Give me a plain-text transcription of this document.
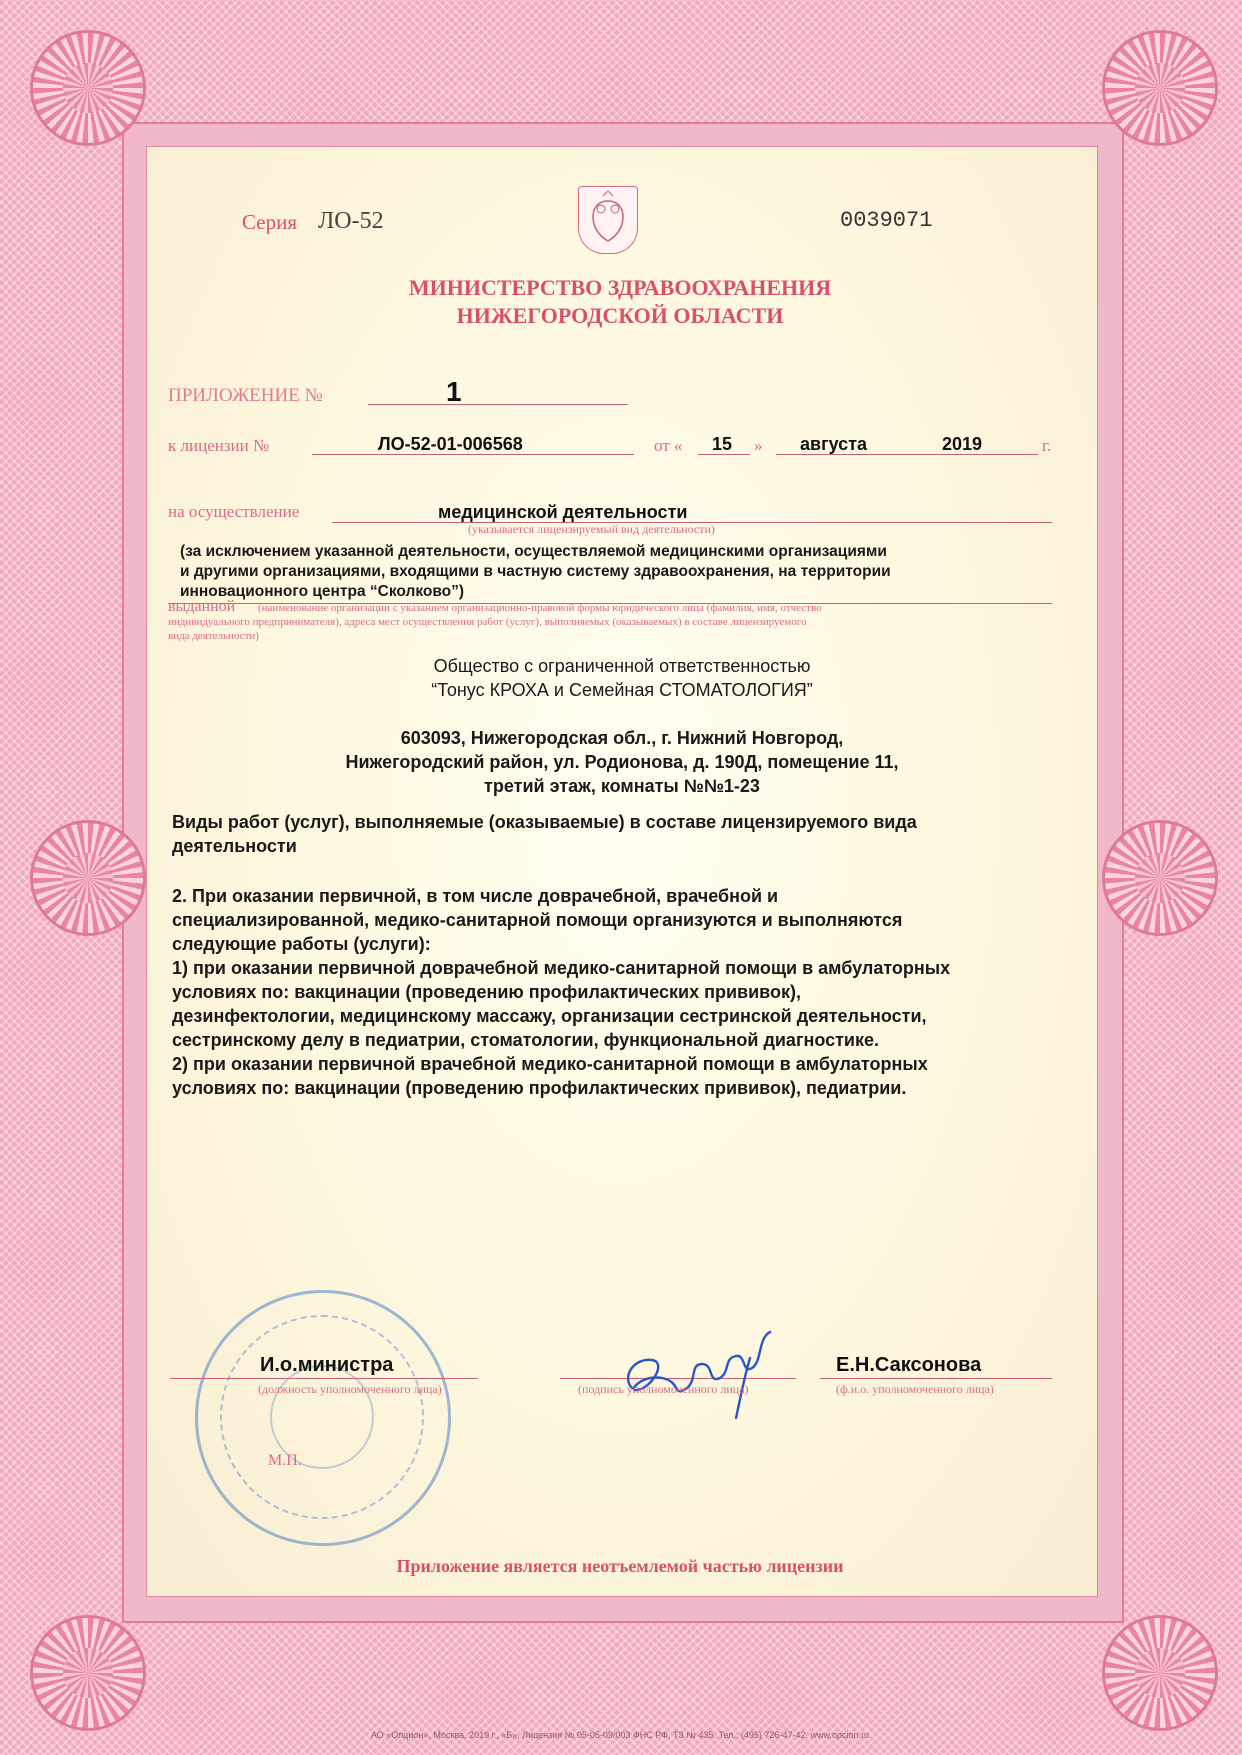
Серия ЛО-52	0039071
МИНИСТЕРСТВО ЗДРАВООХРАНЕНИЯ
НИЖЕГОРОДСКОЙ ОБЛАСТИ
ПРИЛОЖЕНИЕ №	1
к лицензии №	ЛО-52-01-006568	от « 15 » августа	2019	г.
на осуществление	медицинской деятельности
(указывается лицензируемый вид деятельности)
(за исключением указанной деятельности, осуществляемой медицинскими организациями
и другими организациями, входящими в частную систему здравоохранения, на территории
инновационного центра “Сколково”)
выданной (наименование организации с указанием организационно-правовой формы юридического лица (фамилия, имя, отчество
индивидуального предпринимателя), адреса мест осуществления работ (услуг), выполняемых (оказываемых) в составе лицензируемого
вида деятельности)
Общество с ограниченной ответственностью
“Тонус КРОХА и Семейная СТОМАТОЛОГИЯ”
603093, Нижегородская обл., г. Нижний Новгород,
Нижегородский район, ул. Родионова, д. 190Д, помещение 11,
третий этаж, комнаты №№1-23
Виды работ (услуг), выполняемые (оказываемые) в составе лицензируемого вида
деятельности
2. При оказании первичной, в том числе доврачебной, врачебной и
специализированной, медико-санитарной помощи организуются и выполняются
следующие работы (услуги):
1) при оказании первичной доврачебной медико-санитарной помощи в амбулаторных
условиях по: вакцинации (проведению профилактических прививок),
дезинфектологии, медицинскому массажу, организации сестринской деятельности,
сестринскому делу в педиатрии, стоматологии, функциональной диагностике.
2) при оказании первичной врачебной медико-санитарной помощи в амбулаторных
условиях по: вакцинации (проведению профилактических прививок), педиатрии.
И.о.министра
(должность уполномоченного лица)	(подпись уполномоченного лица)
Е.Н.Саксонова
(ф.и.о. уполномоченного лица)
М.П.
Приложение является неотъемлемой частью лицензии
АО «Опцион», Москва, 2019 г., «Б», Лицензия № 05-05-09/003 ФНС РФ, ТЗ № 435. Тел.: (495) 726-47-42, www.opcion.ru
